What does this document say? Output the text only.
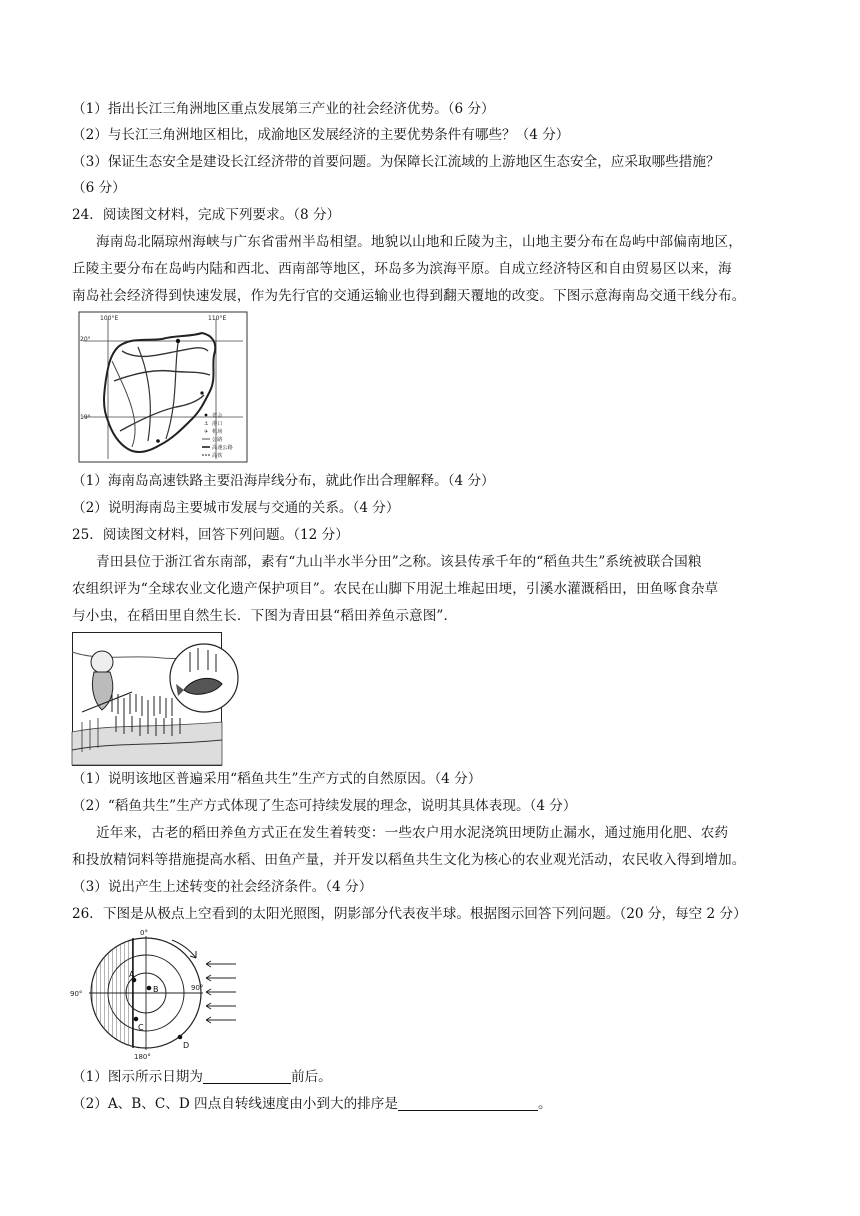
（1）指出长江三角洲地区重点发展第三产业的社会经济优势。（6 分）
（2）与长江三角洲地区相比，成渝地区发展经济的主要优势条件有哪些？（4 分）
（3）保证生态安全是建设长江经济带的首要问题。为保障长江流域的上游地区生态安全，应采取哪些措施？
（6 分）
24．阅读图文材料，完成下列要求。（8 分）
海南岛北隔琼州海峡与广东省雷州半岛相望。地貌以山地和丘陵为主，山地主要分布在岛屿中部偏南地区，
丘陵主要分布在岛屿内陆和西北、西南部等地区，环岛多为滨海平原。自成立经济特区和自由贸易区以来，海
南岛社会经济得到快速发展，作为先行官的交通运输业也得到翻天覆地的改变。下图示意海南岛交通干线分布。
100°E	110°E
20°
19°	省会
⚓ 港口
✈ 机场
公路
高速公路
高铁
（1）海南岛高速铁路主要沿海岸线分布，就此作出合理解释。（4 分）
（2）说明海南岛主要城市发展与交通的关系。（4 分）
25．阅读图文材料，回答下列问题。（12 分）
青田县位于浙江省东南部，素有“九山半水半分田”之称。该县传承千年的“稻鱼共生”系统被联合国粮
农组织评为“全球农业文化遗产保护项目”。农民在山脚下用泥土堆起田埂，引溪水灌溉稻田，田鱼啄食杂草
与小虫，在稻田里自然生长．下图为青田县“稻田养鱼示意图”．
（1）说明该地区普遍采用“稻鱼共生”生产方式的自然原因。（4 分）
（2）“稻鱼共生”生产方式体现了生态可持续发展的理念，说明其具体表现。（4 分）
近年来，古老的稻田养鱼方式正在发生着转变：一些农户用水泥浇筑田埂防止漏水，通过施用化肥、农药
和投放精饲料等措施提高水稻、田鱼产量，并开发以稻鱼共生文化为核心的农业观光活动，农民收入得到增加。
（3）说出产生上述转变的社会经济条件。（4 分）
26．下图是从极点上空看到的太阳光照图，阴影部分代表夜半球。根据图示回答下列问题。（20 分，每空 2 分）
0°
90°
90°
180°
A
B
C
D
（1）图示所示日期为	前后。
（2）A、B、C、D 四点自转线速度由小到大的排序是	。
